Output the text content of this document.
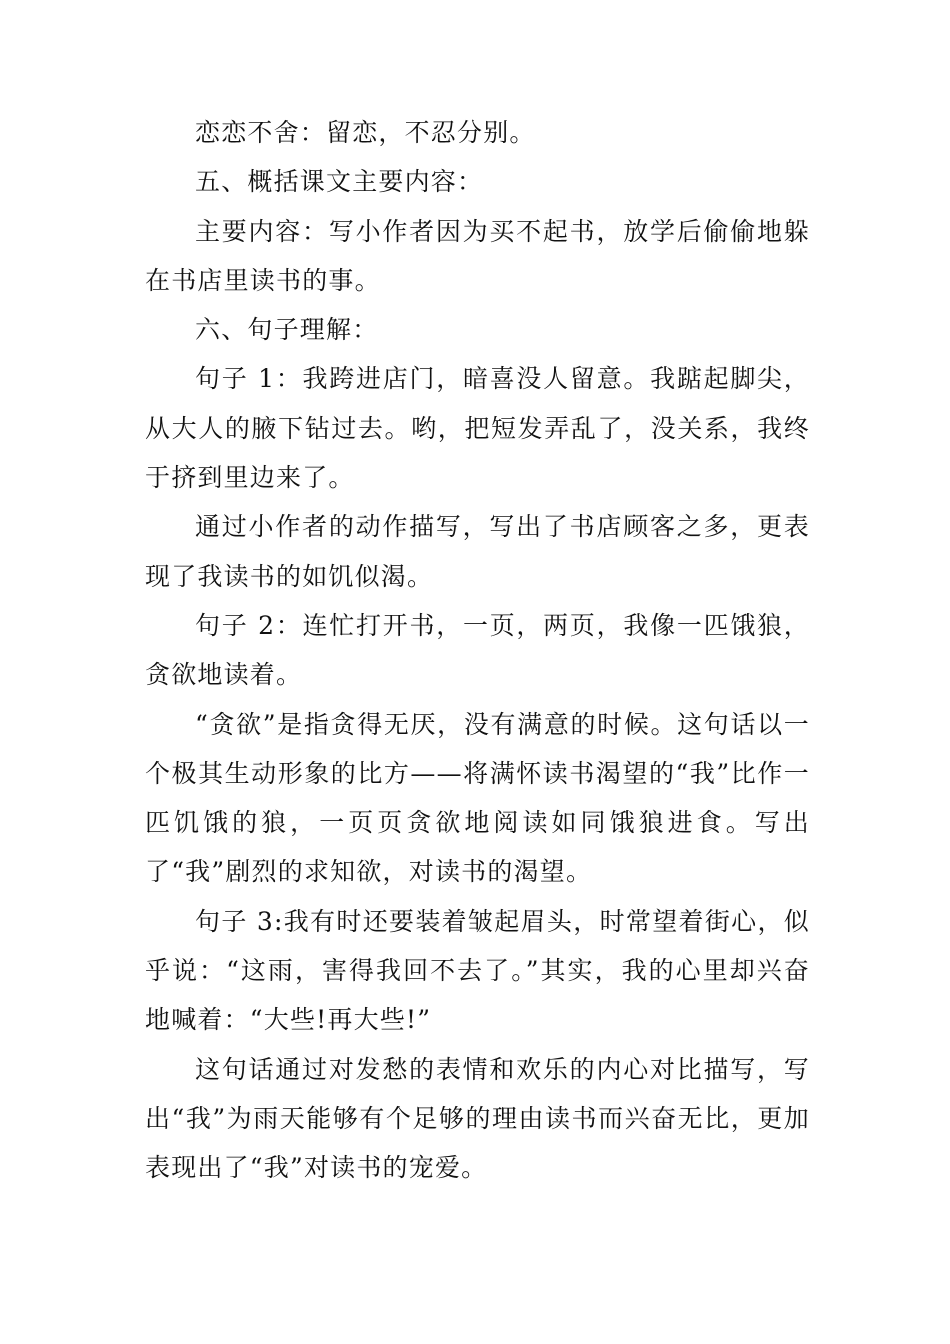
恋恋不舍：留恋，不忍分别。

五、概括课文主要内容：

主要内容：写小作者因为买不起书，放学后偷偷地躲在书店里读书的事。

六、句子理解：

句子 1：我跨进店门，暗喜没人留意。我踮起脚尖，从大人的腋下钻过去。哟，把短发弄乱了，没关系，我终于挤到里边来了。

通过小作者的动作描写，写出了书店顾客之多，更表现了我读书的如饥似渴。

句子 2：连忙打开书，一页，两页，我像一匹饿狼，贪欲地读着。

“贪欲”是指贪得无厌，没有满意的时候。这句话以一个极其生动形象的比方——将满怀读书渴望的“我”比作一匹饥饿的狼，一页页贪欲地阅读如同饿狼进食。写出了“我”剧烈的求知欲，对读书的渴望。

句子 3:我有时还要装着皱起眉头，时常望着街心，似乎说：“这雨，害得我回不去了。”其实，我的心里却兴奋地喊着：“大些!再大些!”

这句话通过对发愁的表情和欢乐的内心对比描写，写出“我”为雨天能够有个足够的理由读书而兴奋无比，更加表现出了“我”对读书的宠爱。
